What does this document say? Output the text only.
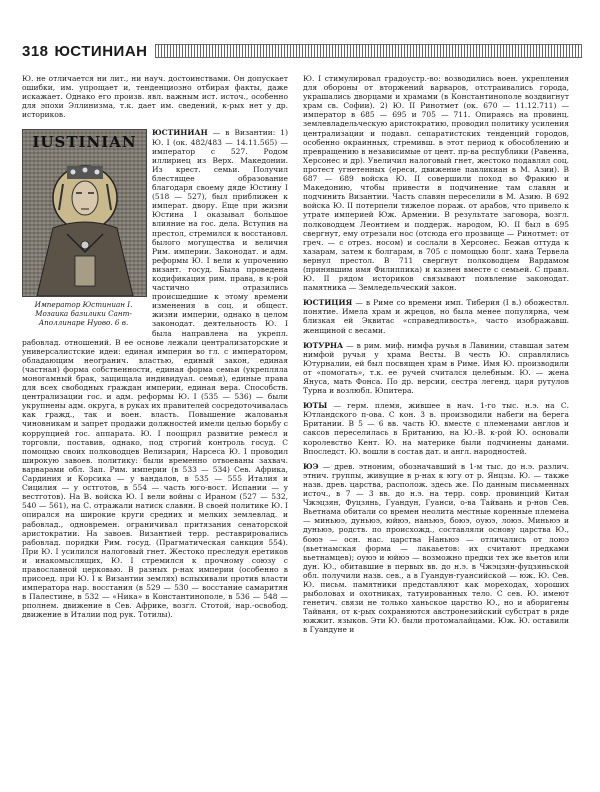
318 ЮСТИНИАН

Ю. не отличается ни лит., ни науч. достоинствами. Он допускает ошибки, им. упрощает и, тенденциозно отбирая факты, даже искажает. Однако его произв. явл. важным ист. источ., особенно для эпохи Эллинизма, т.к. дает им. сведений, к-рых нет у др. историков.

IUSTINIAN
Император Юстиниан I. Мозаика базилики Сант-Аполлинаре Нуово. 6 в.

ЮСТИНИАН — в Византии: 1) Ю. I (ок. 482/483 — 14.11.565) — император с 527. Родом иллириец из Верх. Македонии. Из крест. семьи. Получил блестящее образование благодаря своему дяде Юстину I (518 — 527), был приближен к императ. двору. Еще при жизни Юстина I оказывал большое влияние на гос. дела. Вступив на престол, стремился к восстановл. былого могущества и величия Рим. империи. Законодат. и адм. реформы Ю. I вели к упрочению визант. госуд. Была проведена кодификация рим. права, в к-рой частично отразились происшедшие к этому времени изменения в соц. и общест. жизни империи, однако в целом законодат. деятельность Ю. I была направлена на укрепл. рабовлад. отношений. В ее основе лежали централизаторские и универсалистские идеи: единая империя во гл. с императором, обладающим неогранич. властью, единый закон, единая (частная) форма собственности, единая форма семьи (укрепляла моногамный брак, защищала индивидуал. семья), единые права для всех свободных граждан империи, единая вера. Способств. централизации гос. и адм. реформы Ю. I (535 — 536) — были укрупнены адм. округа, в руках их правителей сосредоточивалась как гражд., так и воен. власть. Повышение жалованья чиновникам и запрет продажи должностей имели целью борьбу с коррупцией гос. аппарата. Ю. I поощрял развитие ремесл и торговли, поставив, однако, под строгий контроль госуд. С помощью своих полководцев Велизария, Нарсеса Ю. I проводил широкую завоев. политику: были временно отвоеваны захвач. варварами обл. Зап. Рим. империи (в 533 — 534) Сев. Африка, Сардиния и Корсика — у вандалов, в 535 — 555 Италия и Сицилия — у остготов, в 554 — часть юго-вост. Испании — у вестготов). На В. войска Ю. I вели войны с Ираном (527 — 532, 540 — 561), на С. отражали натиск славян. В своей политике Ю. I опирался на широкие круги средних и мелких землевлад. и рабовлад., одновремен. ограничивал притязания сенаторской аристократии. На завоев. Византией терр. реставрировались рабовлад. порядки Рим. госуд. (Прагматическая санкция 554). При Ю. I усилился налоговый гнет. Жестоко преследуя еретиков и инакомыслящих, Ю. I стремился к прочному союзу с православной церковью. В разных р-нах империи (особенно в присоед. при Ю. I к Византии землях) вспыхивали против власти императора нар. восстания (в 529 — 530 — восстание самаритян в Палестине, в 532 — «Ника» в Константинополе, в 536 — 548 — рполнем. движение в Сев. Африке, возгл. Стотой, нар.-освобод. движение в Италии под рук. Тотилы).

Ю. I стимулировал градоустр.-во: возводились воен. укрепления для обороны от вторжений варваров, отстраивались города, украшались дворцами и храмами (в Константинополе воздвигнут храм св. Софии). 2) Ю. II Ринотмет (ок. 670 — 11.12.711) — император в 685 — 695 и 705 — 711. Опираясь на провинц. землевладельческую аристократию, проводил политику усиления централизации и подавл. сепаратистских тенденций городов, особенно окраинных, стремивш. в этот период к обособлению и превращению в независимые от цент. пр-ва республики (Равенна, Херсонес и др). Увеличил налоговый гнет, жестоко подавлял соц. протест угнетенных (ереси, движение павликиан в М. Азии). В 687 — 689 войска Ю. II совершили поход во Фракию и Македонию, чтобы привести в подчинение там славян и подчинить Византии. Часть славян переселили в М. Азию. В 692 войска Ю. II потерпели тяжелое пораж. от арабов, что привело к утрате империей Юж. Армении. В результате заговора, возгл. полководцем Леонтием и поддерж. народом, Ю. II был в 695 свергнут, ему отрезали нос (отсюда его прозвище — Ринотмет: от греч. — с отрез. носом) и сослали в Херсонес. Бежав оттуда к хазарам, затем к болгарам, в 705 с помощью болг. хана Тервела вернул престол. В 711 свергнут полководцем Вардамом (принявшим имя Филиппика) и казнен вместе с семьей. С правл. Ю. II рядом историков связывают появление законодат. памятника — Земледельческий закон.

ЮСТИЦИЯ — в Риме со времени имп. Тиберия (I в.) обожествл. понятие. Имела храм и жрецов, но была менее популярна, чем близкая ей Эквитас «справедливость», часто изображавш. женщиной с весами.

ЮТУРНА — в рим. миф. нимфа ручья в Лавинии, ставшая затем нимфой ручья у храма Весты. В честь Ю. справлялись Ютурналии, ей был посвящен храм в Риме. Имя Ю. производили от «помогать», т.к. ее ручей считался целебным. Ю. — жена Януса, мать Фонса. По др. версии, сестра легенд. царя рутулов Турна и возлюбл. Юпитера.

ЮТЫ — герм. племя, жившее в нач. 1-го тыс. н.э. на С. Ютландского п-ова. С кон. 3 в. производили набеги на берега Британии. В 5 — 6 вв. часть Ю. вместе с племенами англов и саксов переселилась в Британию, на Ю.-В. к-рой Ю. основали королевство Кент. Ю. на материке были подчинены данами. Впоследст. Ю. вошли в состав дат. и англ. народностей.

ЮЭ — древ. этноним, обозначавший в 1-м тыс. до н.э. различ. этнич. группы, живущие в р-нах к югу от р. Янцзы. Ю. — также назв. древ. царства, располож. здесь же. По данным письменных источ., в 7 — 3 вв. до н.э. на терр. совр. провинций Китая Чжэцзян, Фуцзянь, Гуандун, Гуанси, о-ва Тайвань и р-нов Сев. Вьетнама обитали со времен неолита местные коренные племена — миньюэ, дуньюэ, юйюэ, наньюэ, боюэ, оуюэ, лоюэ. Миньюэ и дуньюэ, родств. по происхожд., составляли основу царства Ю., боюэ — осн. нас. царства Наньюэ — отличались от лоюэ (вьетнамская форма — лакаьетов: их считают предками вьетнамцев); оуюэ и юйюэ — возможно предки тех же вьетов или дун. Ю., обитавшие в первых вв. до н.э. в Чжэцзян-фуцзяньской обл. получили назв. сев., а в Гуандун-гуансийской — юж. Ю. Сев. Ю. письм. памятники представляют как мореходах, хороших рыболовах и охотниках, татуированных тело. С сев. Ю. имеют генетич. связи не только ханьское царство Ю., но и аборигены Тайваня, от к-рых сохраняются австронезийский субстрат в ряде южжит. языков. Эти Ю. были протомалайцами. Юж. Ю. оставили в Гуандуне и
